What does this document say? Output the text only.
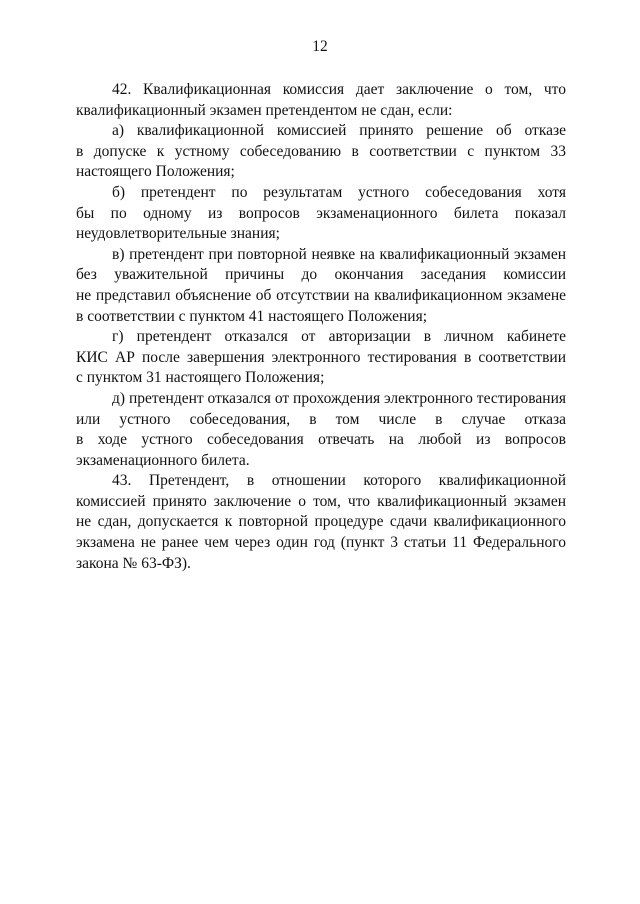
12

42. Квалификационная комиссия дает заключение о том, что
квалификационный экзамен претендентом не сдан, если:

а) квалификационной комиссией принято решение об отказе
в допуске к устному собеседованию в соответствии с пунктом 33
настоящего Положения;

б) претендент по результатам устного собеседования хотя
бы по одному из вопросов экзаменационного билета показал
неудовлетворительные знания;

в) претендент при повторной неявке на квалификационный экзамен
без уважительной причины до окончания заседания комиссии
не представил объяснение об отсутствии на квалификационном экзамене
в соответствии с пунктом 41 настоящего Положения;

г) претендент отказался от авторизации в личном кабинете
КИС АР после завершения электронного тестирования в соответствии
с пунктом 31 настоящего Положения;

д) претендент отказался от прохождения электронного тестирования
или устного собеседования, в том числе в случае отказа
в ходе устного собеседования отвечать на любой из вопросов
экзаменационного билета.

43. Претендент, в отношении которого квалификационной
комиссией принято заключение о том, что квалификационный экзамен
не сдан, допускается к повторной процедуре сдачи квалификационного
экзамена не ранее чем через один год (пункт 3 статьи 11 Федерального
закона № 63-ФЗ).
